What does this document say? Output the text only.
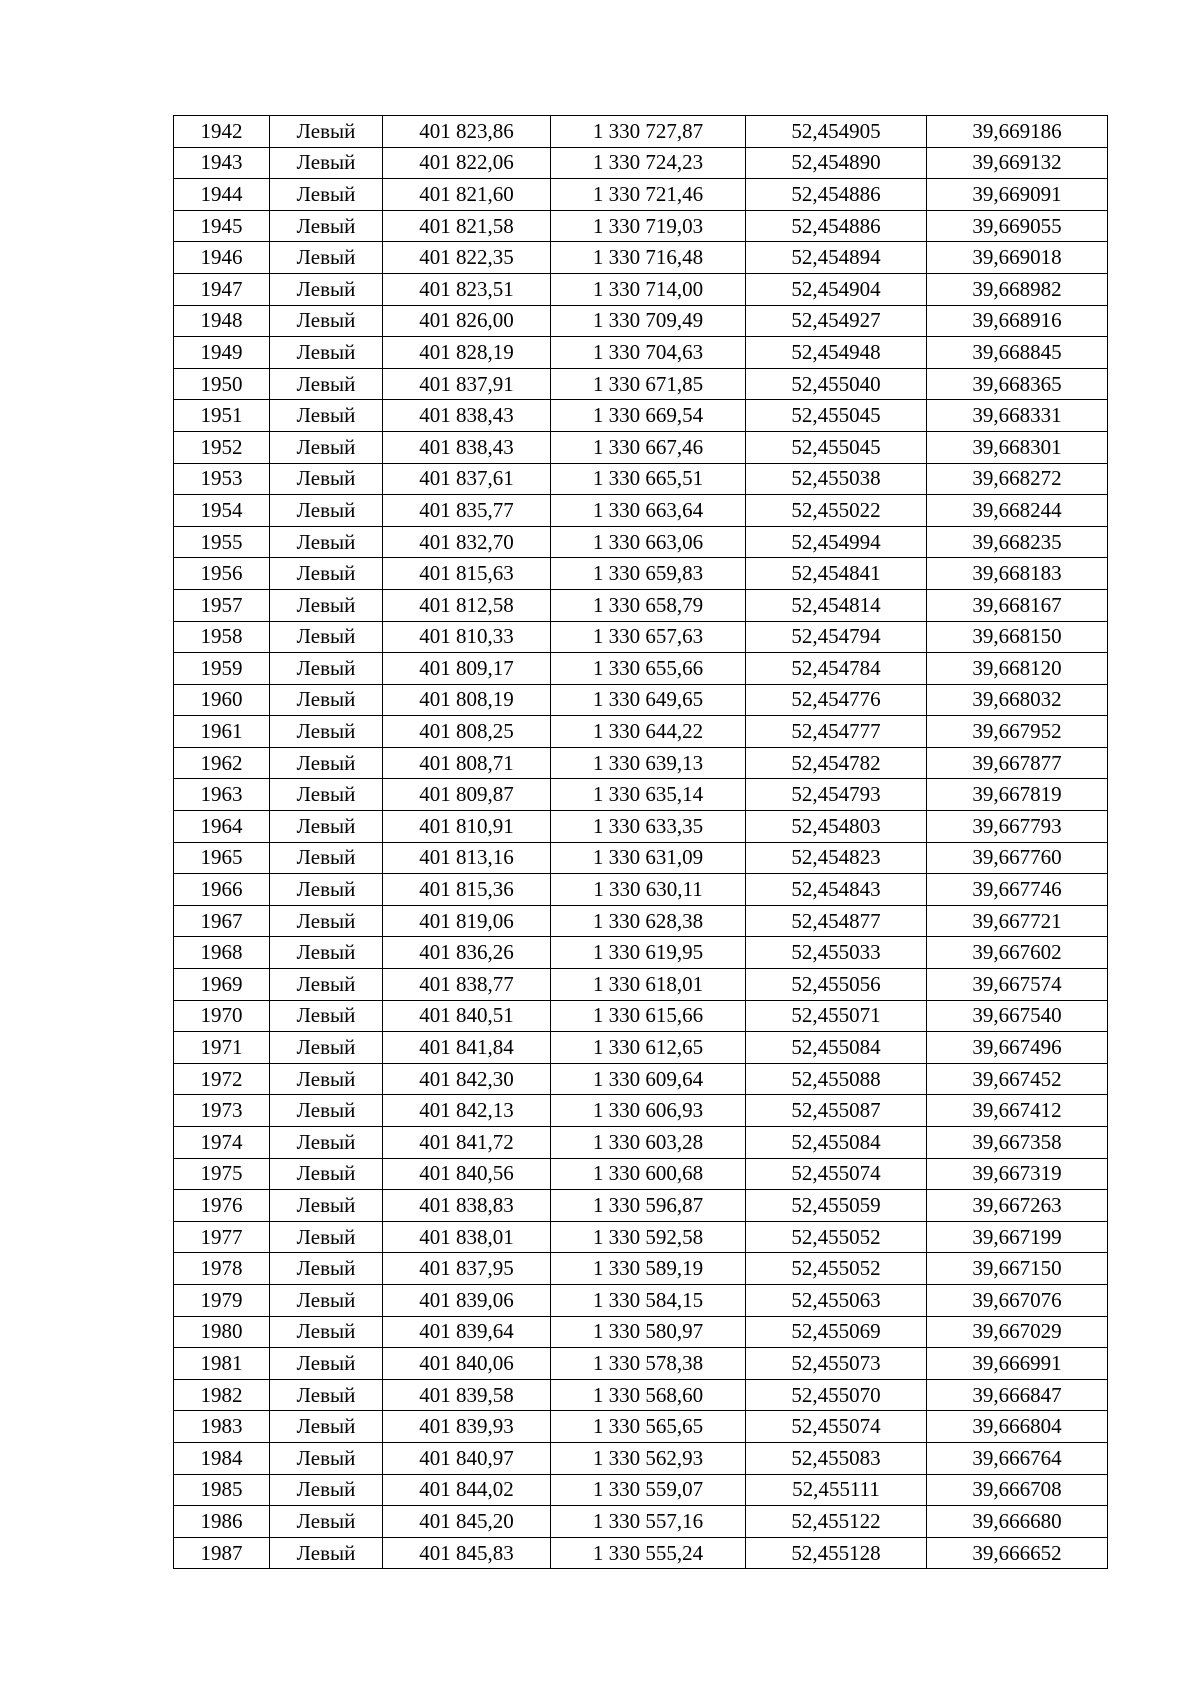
1942	Левый	401 823,86	1 330 727,87	52,454905	39,669186
1943	Левый	401 822,06	1 330 724,23	52,454890	39,669132
1944	Левый	401 821,60	1 330 721,46	52,454886	39,669091
1945	Левый	401 821,58	1 330 719,03	52,454886	39,669055
1946	Левый	401 822,35	1 330 716,48	52,454894	39,669018
1947	Левый	401 823,51	1 330 714,00	52,454904	39,668982
1948	Левый	401 826,00	1 330 709,49	52,454927	39,668916
1949	Левый	401 828,19	1 330 704,63	52,454948	39,668845
1950	Левый	401 837,91	1 330 671,85	52,455040	39,668365
1951	Левый	401 838,43	1 330 669,54	52,455045	39,668331
1952	Левый	401 838,43	1 330 667,46	52,455045	39,668301
1953	Левый	401 837,61	1 330 665,51	52,455038	39,668272
1954	Левый	401 835,77	1 330 663,64	52,455022	39,668244
1955	Левый	401 832,70	1 330 663,06	52,454994	39,668235
1956	Левый	401 815,63	1 330 659,83	52,454841	39,668183
1957	Левый	401 812,58	1 330 658,79	52,454814	39,668167
1958	Левый	401 810,33	1 330 657,63	52,454794	39,668150
1959	Левый	401 809,17	1 330 655,66	52,454784	39,668120
1960	Левый	401 808,19	1 330 649,65	52,454776	39,668032
1961	Левый	401 808,25	1 330 644,22	52,454777	39,667952
1962	Левый	401 808,71	1 330 639,13	52,454782	39,667877
1963	Левый	401 809,87	1 330 635,14	52,454793	39,667819
1964	Левый	401 810,91	1 330 633,35	52,454803	39,667793
1965	Левый	401 813,16	1 330 631,09	52,454823	39,667760
1966	Левый	401 815,36	1 330 630,11	52,454843	39,667746
1967	Левый	401 819,06	1 330 628,38	52,454877	39,667721
1968	Левый	401 836,26	1 330 619,95	52,455033	39,667602
1969	Левый	401 838,77	1 330 618,01	52,455056	39,667574
1970	Левый	401 840,51	1 330 615,66	52,455071	39,667540
1971	Левый	401 841,84	1 330 612,65	52,455084	39,667496
1972	Левый	401 842,30	1 330 609,64	52,455088	39,667452
1973	Левый	401 842,13	1 330 606,93	52,455087	39,667412
1974	Левый	401 841,72	1 330 603,28	52,455084	39,667358
1975	Левый	401 840,56	1 330 600,68	52,455074	39,667319
1976	Левый	401 838,83	1 330 596,87	52,455059	39,667263
1977	Левый	401 838,01	1 330 592,58	52,455052	39,667199
1978	Левый	401 837,95	1 330 589,19	52,455052	39,667150
1979	Левый	401 839,06	1 330 584,15	52,455063	39,667076
1980	Левый	401 839,64	1 330 580,97	52,455069	39,667029
1981	Левый	401 840,06	1 330 578,38	52,455073	39,666991
1982	Левый	401 839,58	1 330 568,60	52,455070	39,666847
1983	Левый	401 839,93	1 330 565,65	52,455074	39,666804
1984	Левый	401 840,97	1 330 562,93	52,455083	39,666764
1985	Левый	401 844,02	1 330 559,07	52,455111	39,666708
1986	Левый	401 845,20	1 330 557,16	52,455122	39,666680
1987	Левый	401 845,83	1 330 555,24	52,455128	39,666652
